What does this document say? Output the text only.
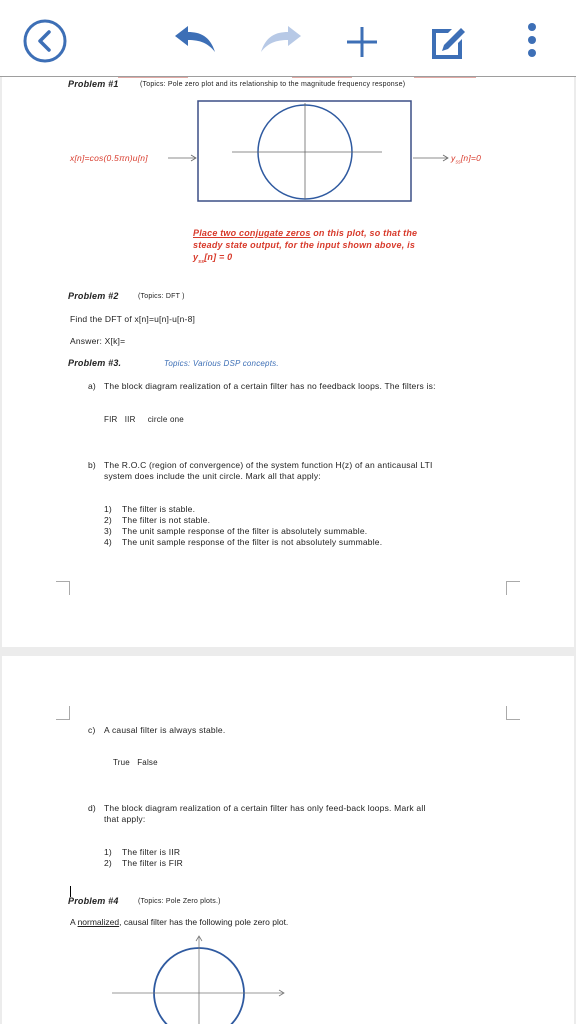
Problem #1	(Topics: Pole zero plot and its relationship to the magnitude frequency response)
x[n]=cos(0.5πn)u[n]	$y_{ss}[n]=0$
Place two conjugate zeros on this plot, so that the
steady state output, for the input shown above, is
$y_{ss}[n] = 0$
Problem #2	(Topics: DFT )
Find the DFT of x[n]=u[n]-u[n-8]
Answer: X[k]=
Problem #3.	Topics: Various DSP concepts.
a) The block diagram realization of a certain filter has no feedback loops. The filters is:
FIR   IIR     circle one
b) The R.O.C (region of convergence) of the system function H(z) of an anticausal LTI
system does include the unit circle. Mark all that apply:
1) The filter is stable.
2) The filter is not stable.
3) The unit sample response of the filter is absolutely summable.
4) The unit sample response of the filter is not absolutely summable.
c) A causal filter is always stable.
True   False
d) The block diagram realization of a certain filter has only feed-back loops. Mark all
that apply:
1) The filter is IIR
2) The filter is FIR
Problem #4	(Topics: Pole Zero plots.)
A normalized, causal filter has the following pole zero plot.
